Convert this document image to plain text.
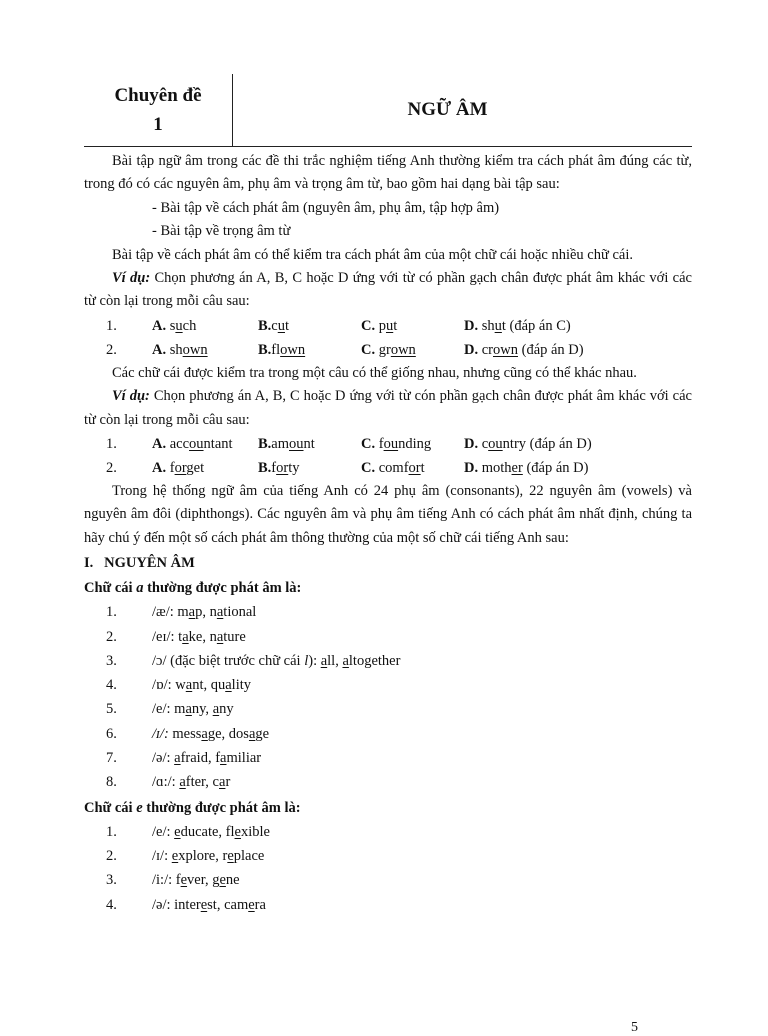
Chuyên đề
1
NGỮ ÂM

Bài tập ngữ âm trong các đề thi trắc nghiệm tiếng Anh thường kiểm tra cách phát âm đúng các từ, trong đó có các nguyên âm, phụ âm và trọng âm từ, bao gồm hai dạng bài tập sau:

- Bài tập về cách phát âm (nguyên âm, phụ âm, tập hợp âm)
- Bài tập về trọng âm từ

Bài tập về cách phát âm có thể kiểm tra cách phát âm của một chữ cái hoặc nhiều chữ cái.

Ví dụ: Chọn phương án A, B, C hoặc D ứng với từ có phần gạch chân được phát âm khác với các từ còn lại trong mỗi câu sau:

1.	A. such	B.cut	C. put	D. shut (đáp án C)
2.	A. shown	B.flown	C. grown	D. crown (đáp án D)

Các chữ cái được kiểm tra trong một câu có thể giống nhau, nhưng cũng có thể khác nhau.

Ví dụ: Chọn phương án A, B, C hoặc D ứng với từ cón phần gạch chân được phát âm khác với các từ còn lại trong mỗi câu sau:

1.	A. accountant	B.amount	C. founding	D. country (đáp án D)
2.	A. forget	B.forty	C. comfort	D. mother (đáp án D)

Trong hệ thống ngữ âm của tiếng Anh có 24 phụ âm (consonants), 22 nguyên âm (vowels) và nguyên âm đôi (diphthongs). Các nguyên âm và phụ âm tiếng Anh có cách phát âm nhất định, chúng ta hãy chú ý đến một số cách phát âm thông thường của một số chữ cái tiếng Anh sau:

I. NGUYÊN ÂM
Chữ cái a thường được phát âm là:
1.	/æ/: map, national
2.	/eɪ/: take, nature
3.	/ɔ/ (đặc biệt trước chữ cái l): all, altogether
4.	/ɒ/: want, quality
5.	/e/: many, any
6.	/ɪ/: message, dosage
7.	/ə/: afraid, familiar
8.	/ɑ:/: after, car
Chữ cái e thường được phát âm là:
1.	/e/: educate, flexible
2.	/ɪ/: explore, replace
3.	/i:/: fever, gene
4.	/ə/: interest, camera
5
